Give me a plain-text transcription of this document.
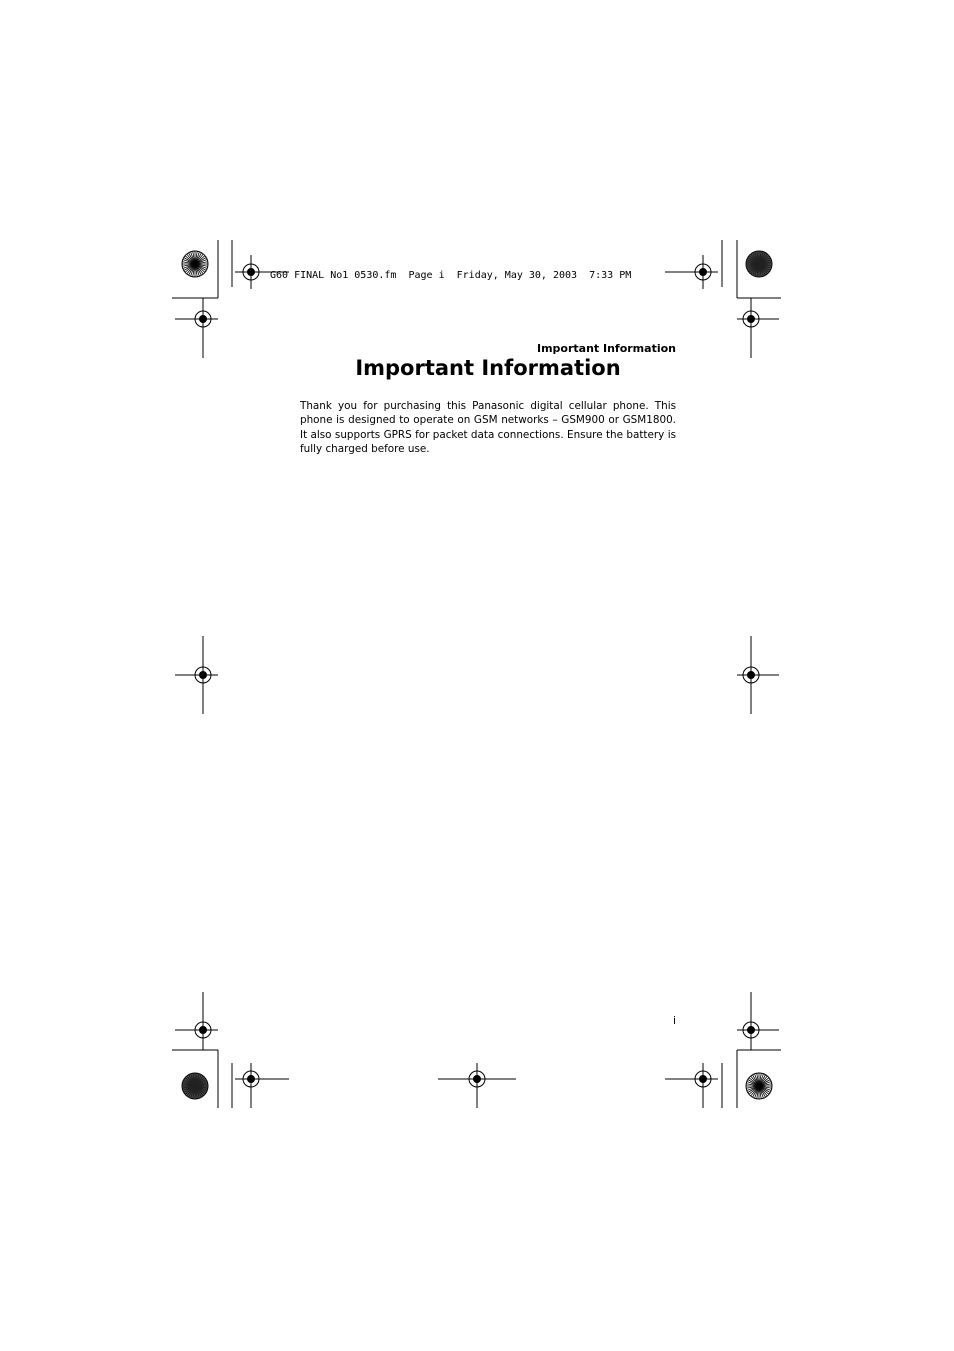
G60 FINAL No1 0530.fm  Page i  Friday, May 30, 2003  7:33 PM
Important Information
Important Information
Thank you for purchasing this Panasonic digital cellular phone. This phone is designed to operate on GSM networks – GSM900 or GSM1800. It also supports GPRS for packet data connections. Ensure the battery is fully charged before use.
i
